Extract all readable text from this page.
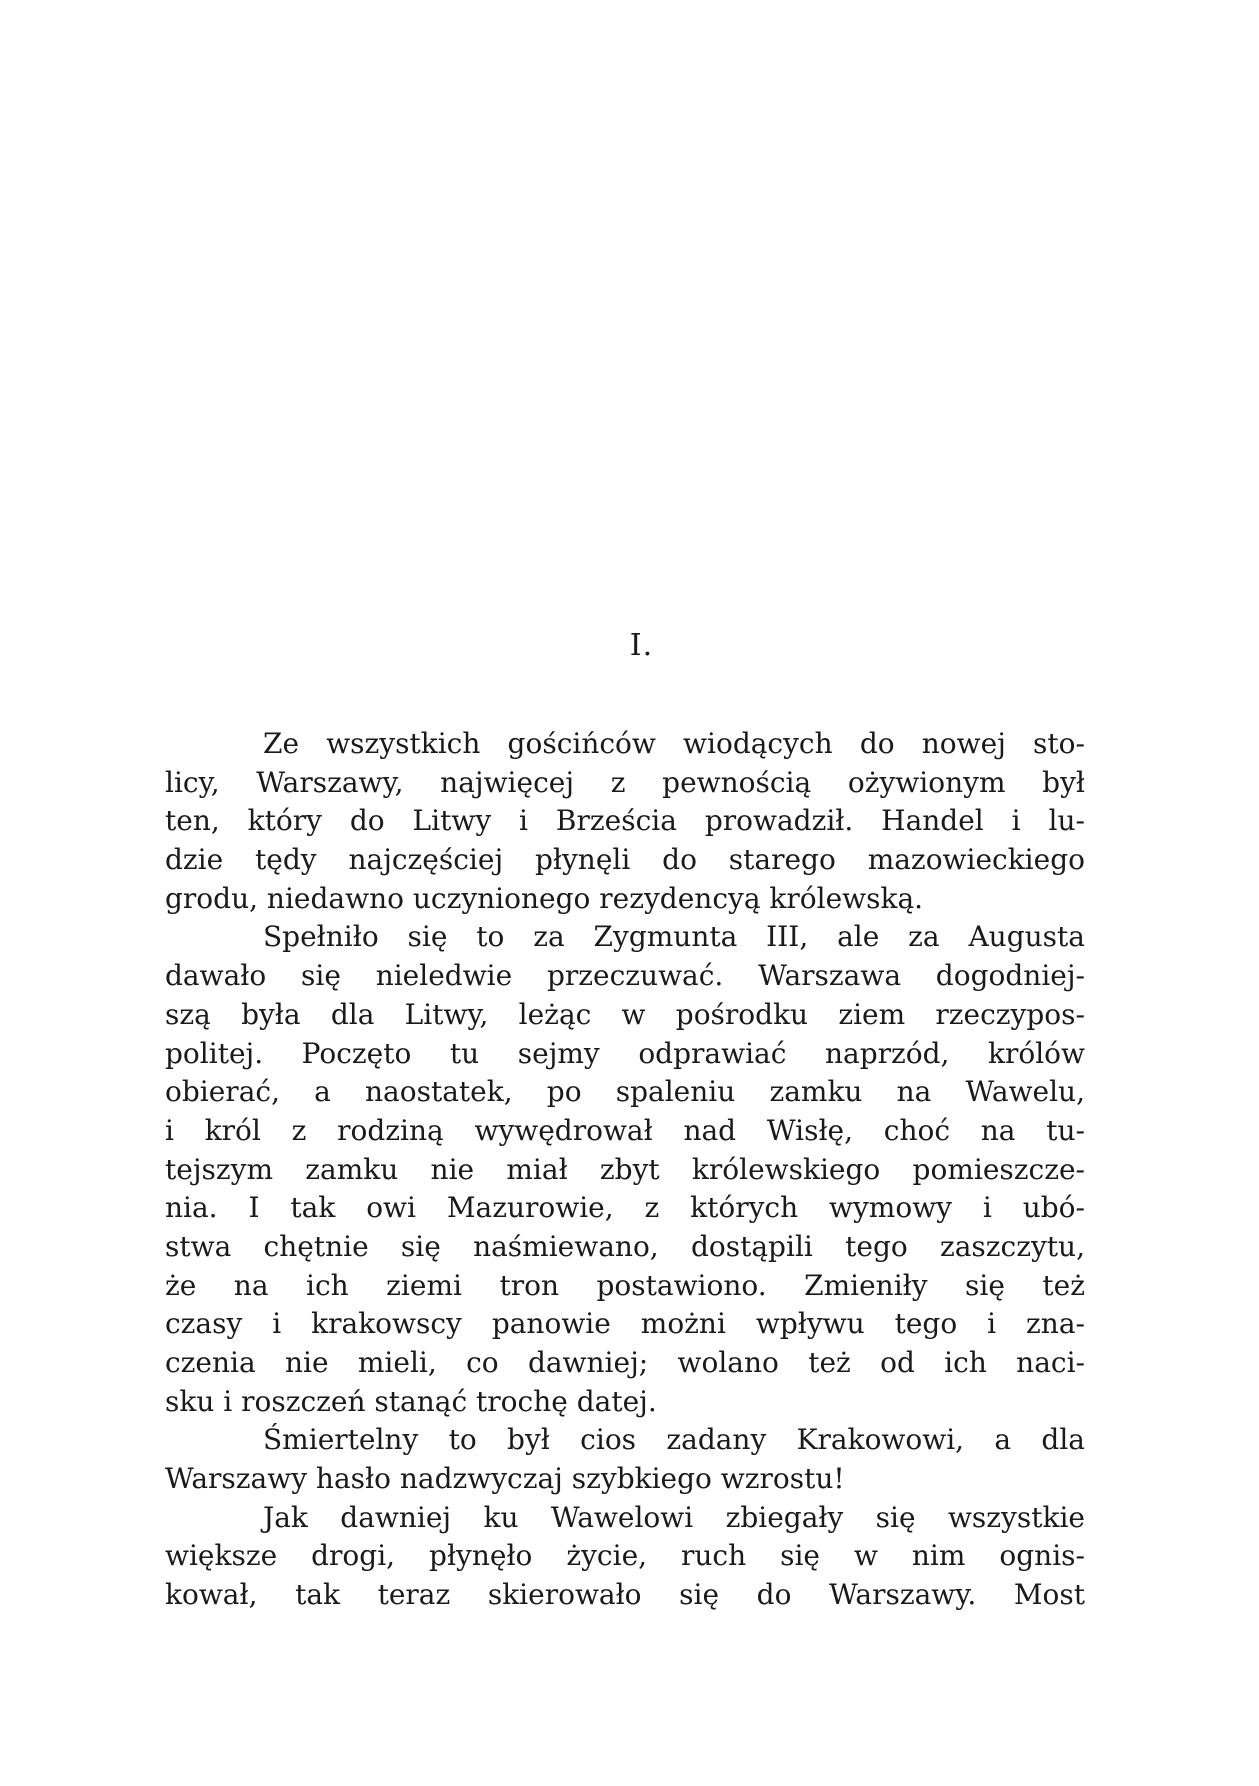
I.
Ze wszystkich gościńców wiodących do nowej sto-
licy, Warszawy, najwięcej z pewnością ożywionym był
ten, który do Litwy i Brześcia prowadził. Handel i lu-
dzie tędy najczęściej płynęli do starego mazowieckiego
grodu, niedawno uczynionego rezydencyą królewską.
Spełniło się to za Zygmunta III, ale za Augusta
dawało się nieledwie przeczuwać. Warszawa dogodniej-
szą była dla Litwy, leżąc w pośrodku ziem rzeczypos-
politej. Poczęto tu sejmy odprawiać naprzód, królów
obierać, a naostatek, po spaleniu zamku na Wawelu,
i król z rodziną wywędrował nad Wisłę, choć na tu-
tejszym zamku nie miał zbyt królewskiego pomieszcze-
nia. I tak owi Mazurowie, z których wymowy i ubó-
stwa chętnie się naśmiewano, dostąpili tego zaszczytu,
że na ich ziemi tron postawiono. Zmieniły się też
czasy i krakowscy panowie możni wpływu tego i zna-
czenia nie mieli, co dawniej; wolano też od ich naci-
sku i roszczeń stanąć trochę datej.
Śmiertelny to był cios zadany Krakowowi, a dla
Warszawy hasło nadzwyczaj szybkiego wzrostu!
Jak dawniej ku Wawelowi zbiegały się wszystkie
większe drogi, płynęło życie, ruch się w nim ognis-
kował, tak teraz skierowało się do Warszawy. Most
